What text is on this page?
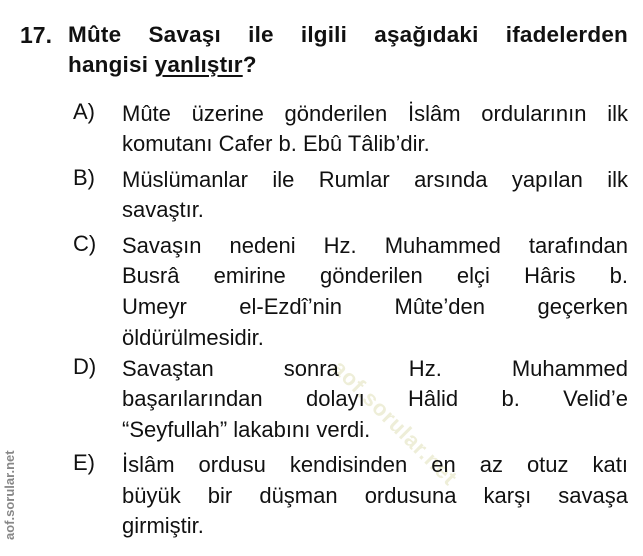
aof.sorular.net
aof.sorular.net
17. Mûte Savaşı ile ilgili aşağıdaki ifadelerden
hangisi yanlıştır?
A) Mûte üzerine gönderilen İslâm ordularının ilk
komutanı Cafer b. Ebû Tâlib’dir.
B) Müslümanlar ile Rumlar arsında yapılan ilk
savaştır.
C) Savaşın nedeni Hz. Muhammed tarafından
Busrâ emirine gönderilen elçi Hâris b.
Umeyr el-Ezdî’nin Mûte’den geçerken
öldürülmesidir.
D) Savaştan sonra Hz. Muhammed
başarılarından dolayı Hâlid b. Velid’e
“Seyfullah” lakabını verdi.
E) İslâm ordusu kendisinden en az otuz katı
büyük bir düşman ordusuna karşı savaşa
girmiştir.
